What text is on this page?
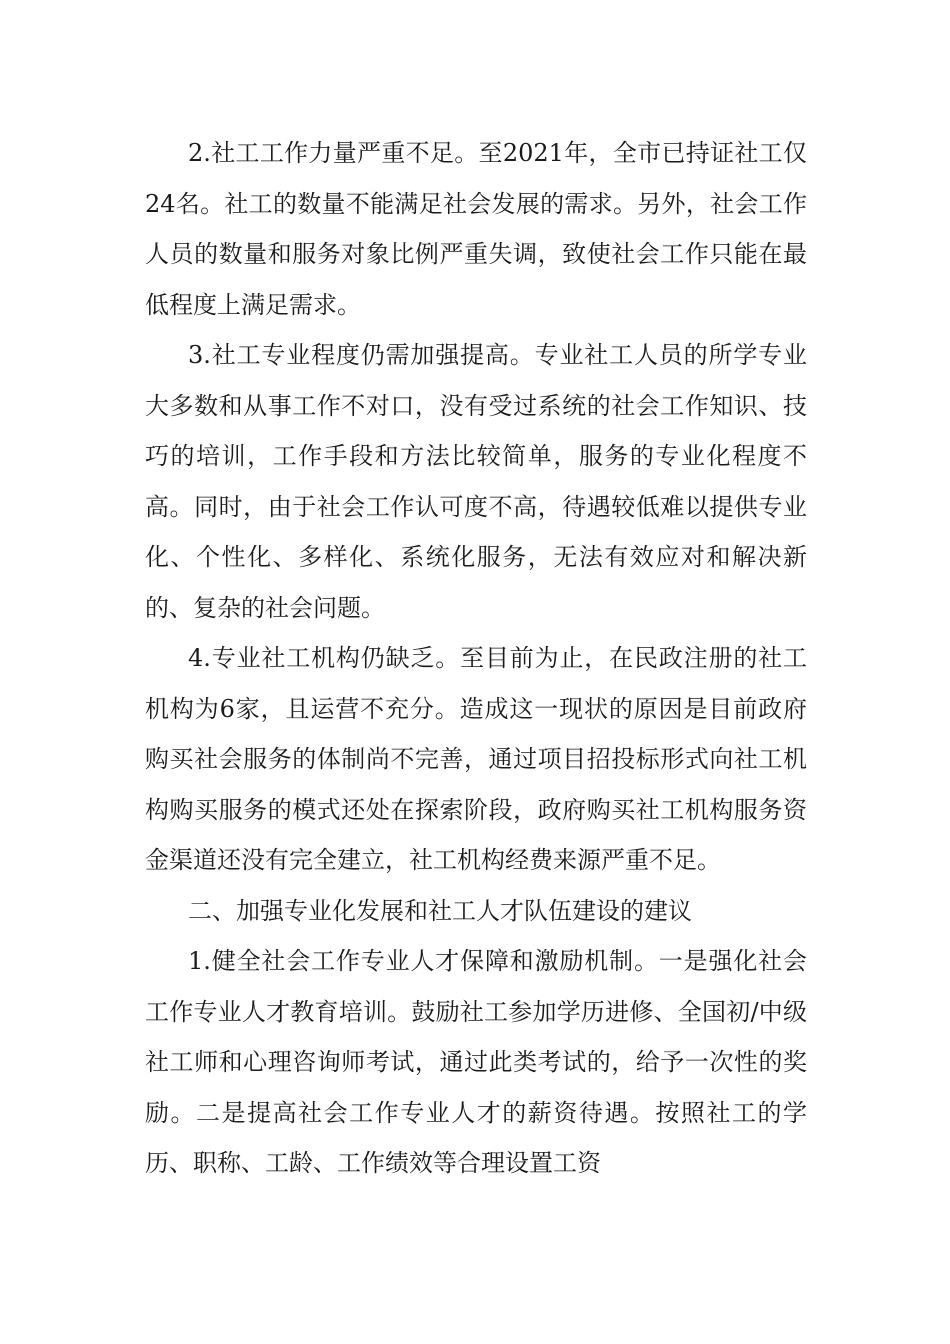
2.社工工作力量严重不足。至2021年，全市已持证社工仅24名。社工的数量不能满足社会发展的需求。另外，社会工作人员的数量和服务对象比例严重失调，致使社会工作只能在最低程度上满足需求。

3.社工专业程度仍需加强提高。专业社工人员的所学专业大多数和从事工作不对口，没有受过系统的社会工作知识、技巧的培训，工作手段和方法比较简单，服务的专业化程度不高。同时，由于社会工作认可度不高，待遇较低难以提供专业化、个性化、多样化、系统化服务，无法有效应对和解决新的、复杂的社会问题。

4.专业社工机构仍缺乏。至目前为止，在民政注册的社工机构为6家，且运营不充分。造成这一现状的原因是目前政府购买社会服务的体制尚不完善，通过项目招投标形式向社工机构购买服务的模式还处在探索阶段，政府购买社工机构服务资金渠道还没有完全建立，社工机构经费来源严重不足。

二、加强专业化发展和社工人才队伍建设的建议

1.健全社会工作专业人才保障和激励机制。一是强化社会工作专业人才教育培训。鼓励社工参加学历进修、全国初/中级社工师和心理咨询师考试，通过此类考试的，给予一次性的奖励。二是提高社会工作专业人才的薪资待遇。按照社工的学历、职称、工龄、工作绩效等合理设置工资
